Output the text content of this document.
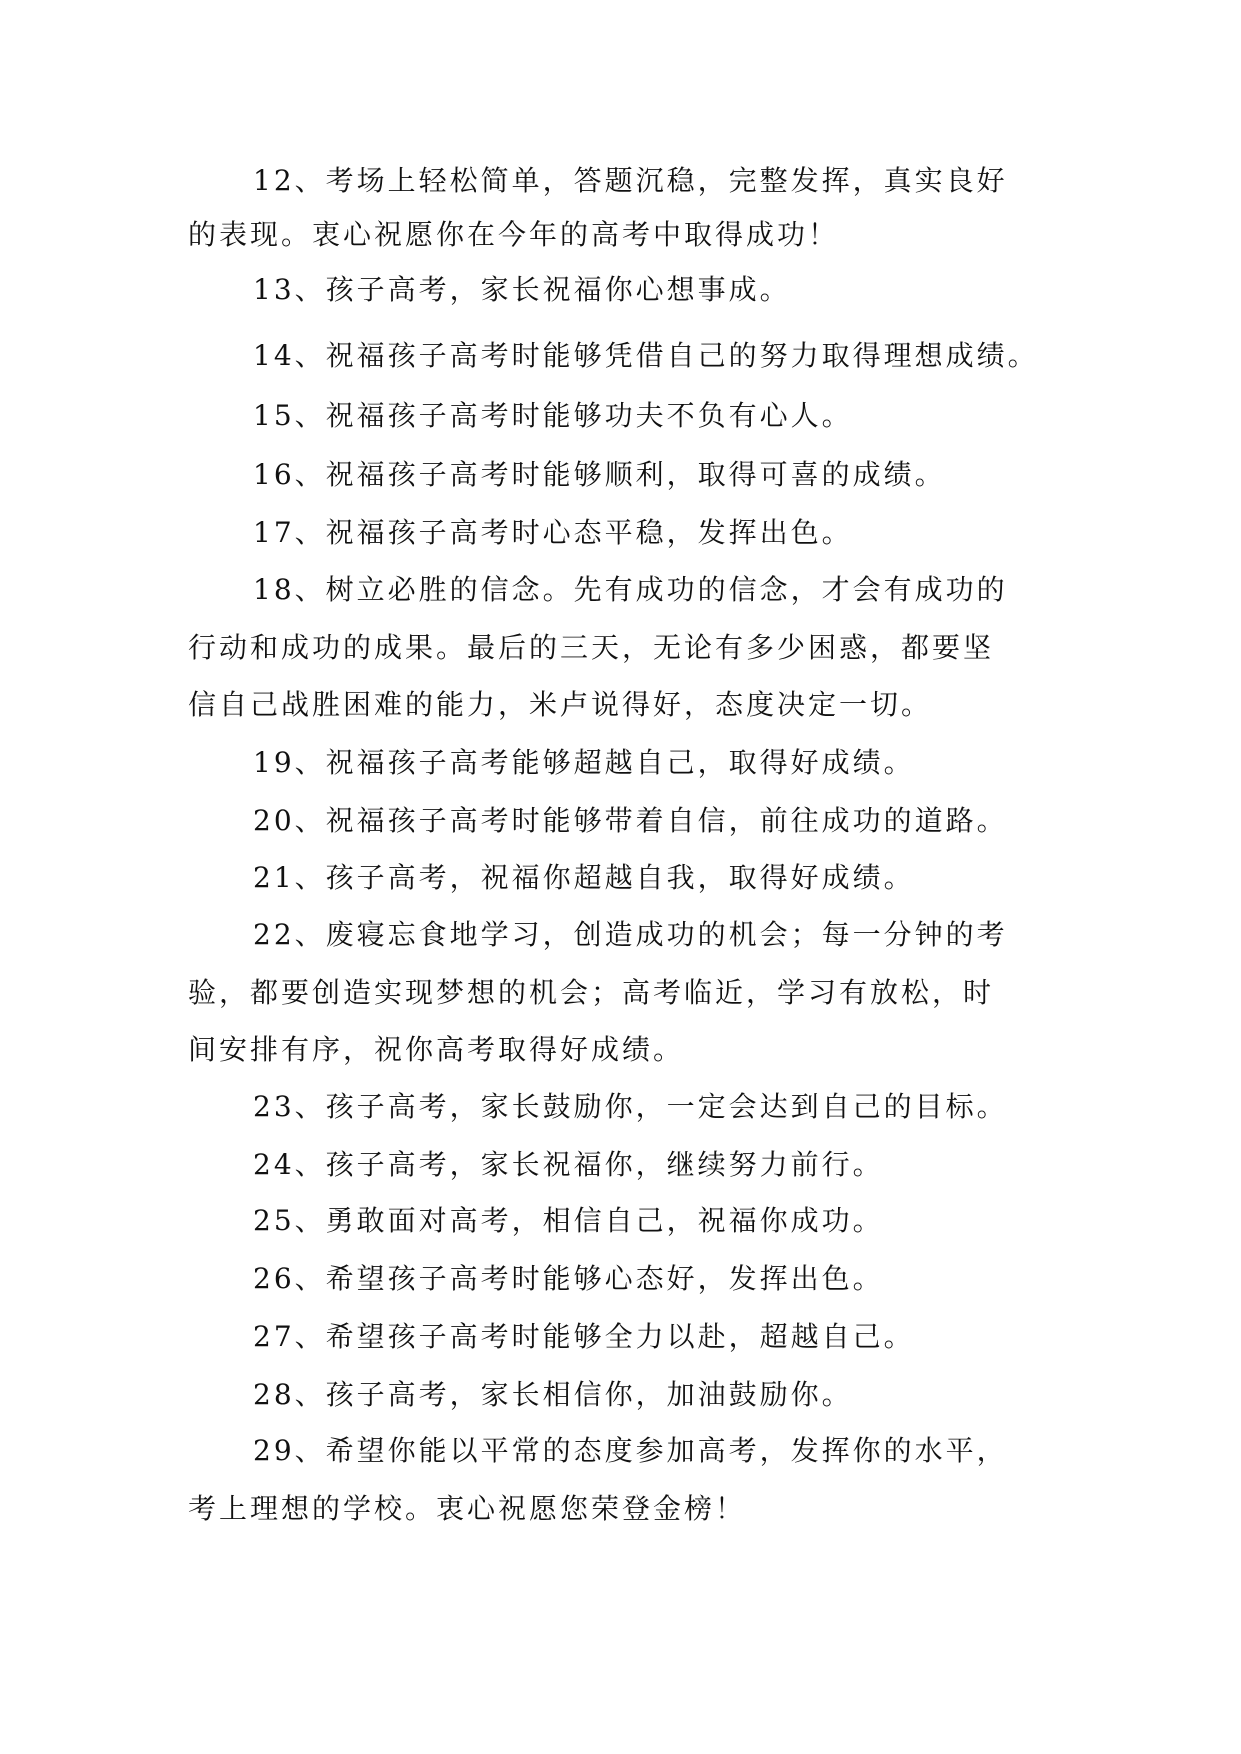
12、考场上轻松简单，答题沉稳，完整发挥，真实良好
的表现。衷心祝愿你在今年的高考中取得成功！
13、孩子高考，家长祝福你心想事成。
14、祝福孩子高考时能够凭借自己的努力取得理想成绩。
15、祝福孩子高考时能够功夫不负有心人。
16、祝福孩子高考时能够顺利，取得可喜的成绩。
17、祝福孩子高考时心态平稳，发挥出色。
18、树立必胜的信念。先有成功的信念，才会有成功的
行动和成功的成果。最后的三天，无论有多少困惑，都要坚
信自己战胜困难的能力，米卢说得好，态度决定一切。
19、祝福孩子高考能够超越自己，取得好成绩。
20、祝福孩子高考时能够带着自信，前往成功的道路。
21、孩子高考，祝福你超越自我，取得好成绩。
22、废寝忘食地学习，创造成功的机会；每一分钟的考
验，都要创造实现梦想的机会；高考临近，学习有放松，时
间安排有序，祝你高考取得好成绩。
23、孩子高考，家长鼓励你，一定会达到自己的目标。
24、孩子高考，家长祝福你，继续努力前行。
25、勇敢面对高考，相信自己，祝福你成功。
26、希望孩子高考时能够心态好，发挥出色。
27、希望孩子高考时能够全力以赴，超越自己。
28、孩子高考，家长相信你，加油鼓励你。
29、希望你能以平常的态度参加高考，发挥你的水平，
考上理想的学校。衷心祝愿您荣登金榜！
